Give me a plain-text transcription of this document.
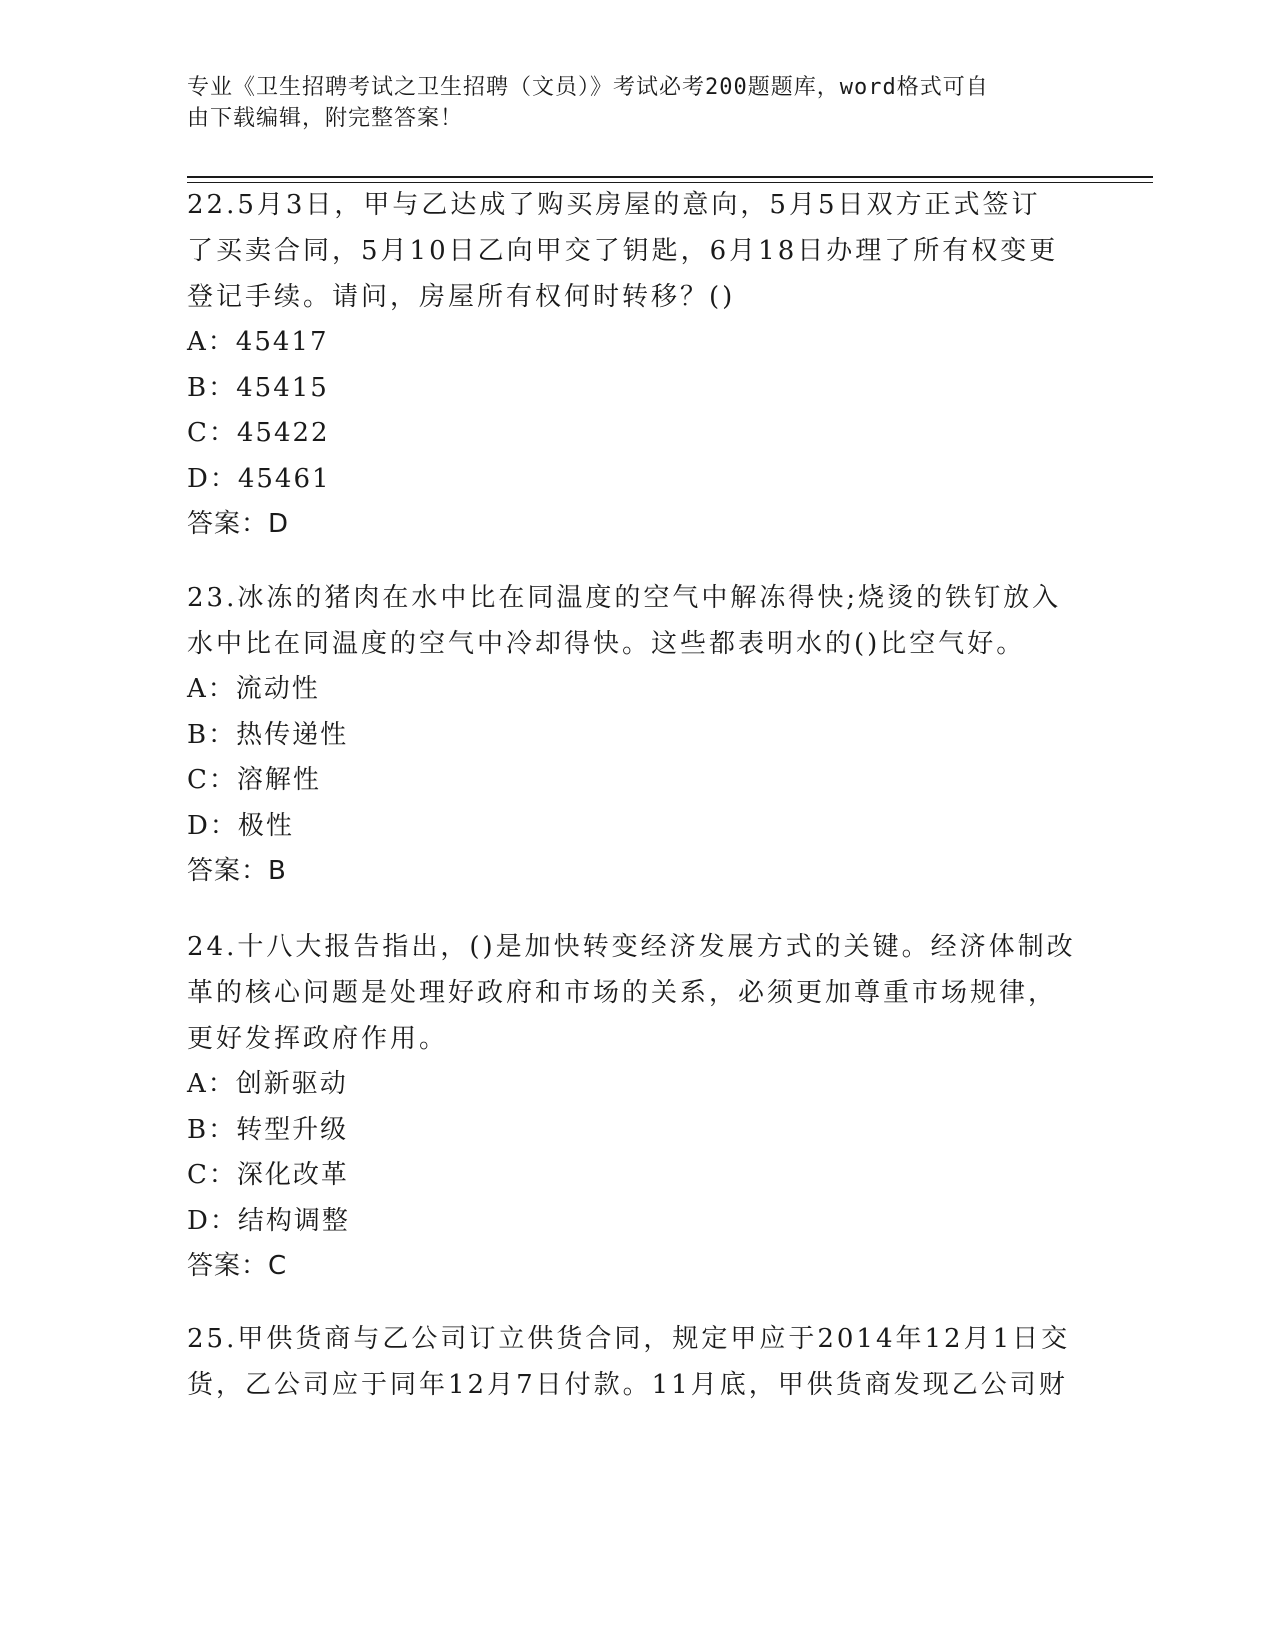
专业《卫生招聘考试之卫生招聘（文员）》考试必考200题题库，word格式可自
由下载编辑，附完整答案！

22.5月3日，甲与乙达成了购买房屋的意向，5月5日双方正式签订

了买卖合同，5月10日乙向甲交了钥匙，6月18日办理了所有权变更

登记手续。请问，房屋所有权何时转移？()

A：45417

B：45415

C：45422

D：45461

答案：D

23.冰冻的猪肉在水中比在同温度的空气中解冻得快;烧烫的铁钉放入

水中比在同温度的空气中冷却得快。这些都表明水的()比空气好。

A：流动性

B：热传递性

C：溶解性

D：极性

答案：B

24.十八大报告指出，()是加快转变经济发展方式的关键。经济体制改

革的核心问题是处理好政府和市场的关系，必须更加尊重市场规律，

更好发挥政府作用。

A：创新驱动

B：转型升级

C：深化改革

D：结构调整

答案：C

25.甲供货商与乙公司订立供货合同，规定甲应于2014年12月1日交

货，乙公司应于同年12月7日付款。11月底，甲供货商发现乙公司财
